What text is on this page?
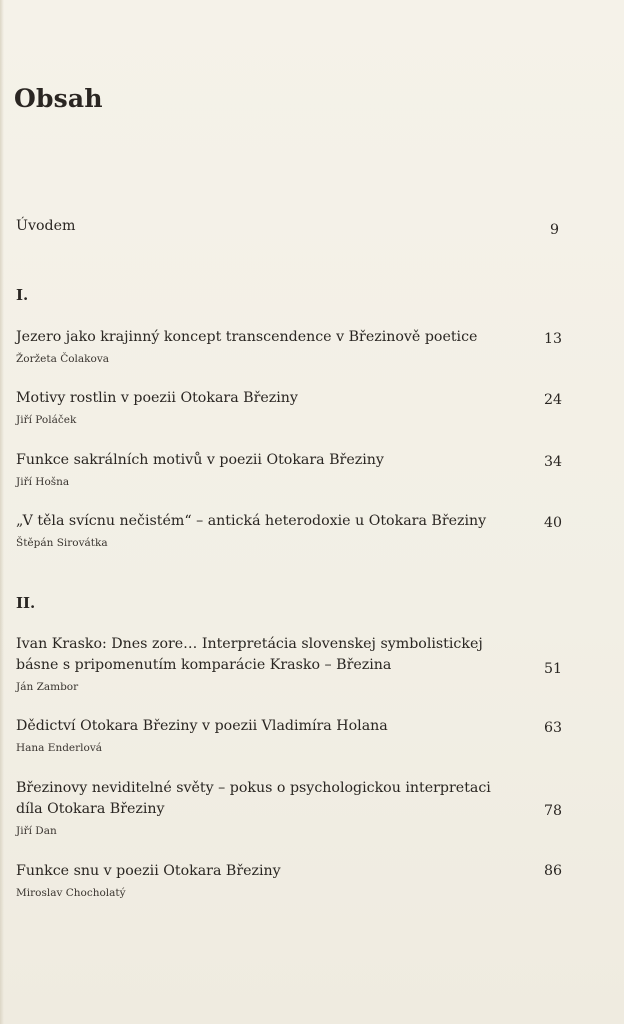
Obsah
Úvodem	9
I.
Jezero jako krajinný koncept transcendence v Březinově poetice
Žoržeta Čolakova
13
Motivy rostlin v poezii Otokara Březiny
Jiří Poláček
24
Funkce sakrálních motivů v poezii Otokara Březiny
Jiří Hošna
34
„V těla svícnu nečistém“ – antická heterodoxie u Otokara Březiny
Štěpán Sirovátka
40
II.
Ivan Krasko: Dnes zore… Interpretácia slovenskej symbolistickej básne s pripomenutím komparácie Krasko – Březina
Ján Zambor
51
Dědictví Otokara Březiny v poezii Vladimíra Holana
Hana Enderlová
63
Březinovy neviditelné světy – pokus o psychologickou interpretaci díla Otokara Březiny
Jiří Dan
78
Funkce snu v poezii Otokara Březiny
Miroslav Chocholatý
86
